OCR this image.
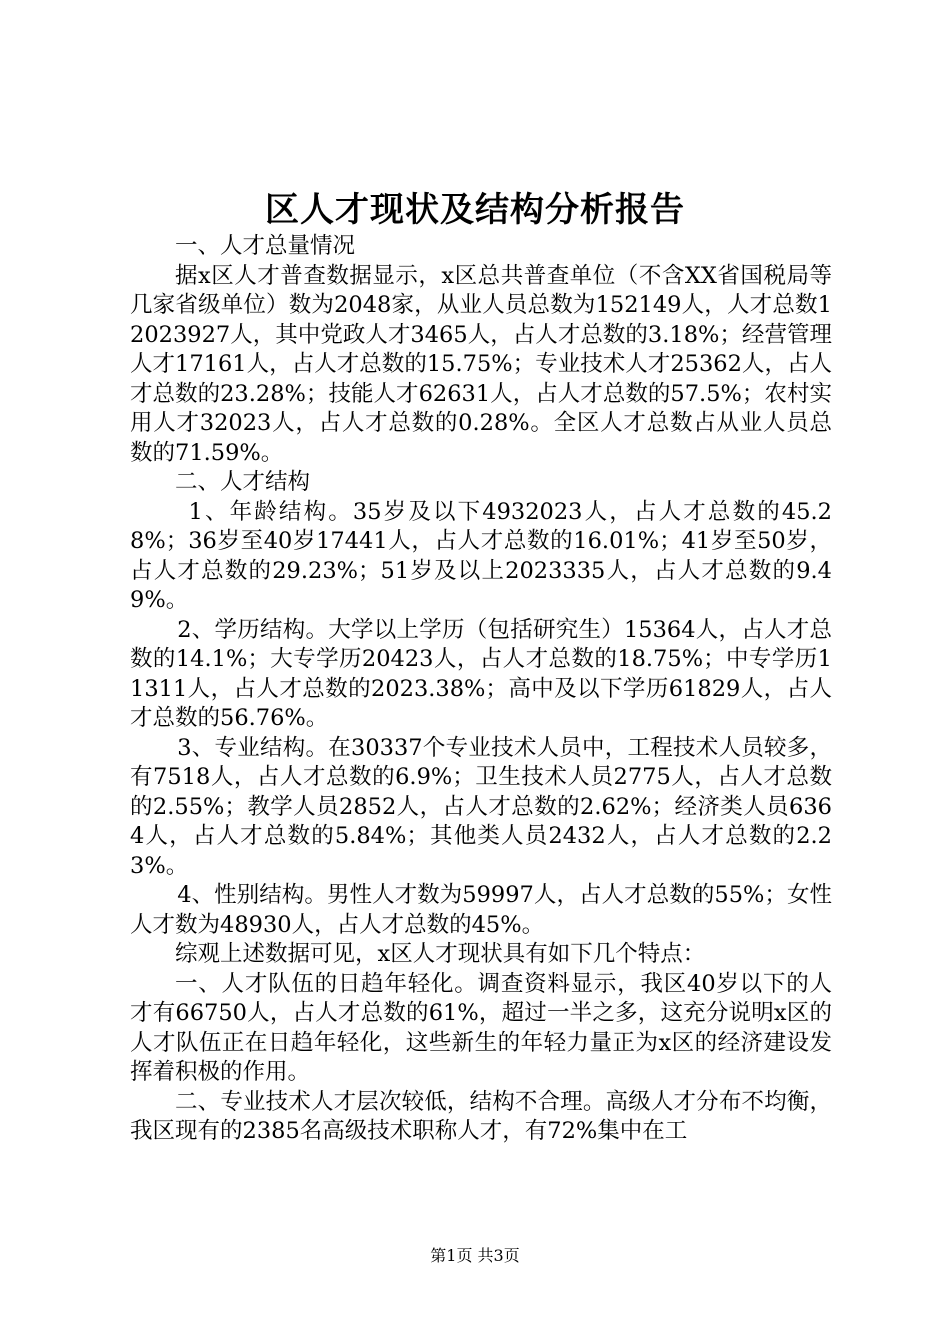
区人才现状及结构分析报告

一、人才总量情况

据x区人才普查数据显示，x区总共普查单位（不含XX省国税局等几家省级单位）数为2048家，从业人员总数为152149人，人才总数12023927人，其中党政人才3465人，占人才总数的3.18%；经营管理人才17161人，占人才总数的15.75%；专业技术人才25362人，占人才总数的23.28%；技能人才62631人，占人才总数的57.5%；农村实用人才32023人，占人才总数的0.28%。全区人才总数占从业人员总数的71.59%。

二、人才结构

1、年龄结构。35岁及以下4932023人，占人才总数的45.28%；36岁至40岁17441人，占人才总数的16.01%；41岁至50岁，占人才总数的29.23%；51岁及以上2023335人，占人才总数的9.49%。

2、学历结构。大学以上学历（包括研究生）15364人，占人才总数的14.1%；大专学历20423人，占人才总数的18.75%；中专学历11311人，占人才总数的2023.38%；高中及以下学历61829人，占人才总数的56.76%。

3、专业结构。在30337个专业技术人员中，工程技术人员较多，有7518人，占人才总数的6.9%；卫生技术人员2775人，占人才总数的2.55%；教学人员2852人，占人才总数的2.62%；经济类人员6364人，占人才总数的5.84%；其他类人员2432人，占人才总数的2.23%。

4、性别结构。男性人才数为59997人，占人才总数的55%；女性人才数为48930人，占人才总数的45%。

综观上述数据可见，x区人才现状具有如下几个特点：

一、人才队伍的日趋年轻化。调查资料显示，我区40岁以下的人才有66750人，占人才总数的61%，超过一半之多，这充分说明x区的人才队伍正在日趋年轻化，这些新生的年轻力量正为x区的经济建设发挥着积极的作用。

二、专业技术人才层次较低，结构不合理。高级人才分布不均衡，我区现有的2385名高级技术职称人才，有72%集中在工

第1页 共3页
